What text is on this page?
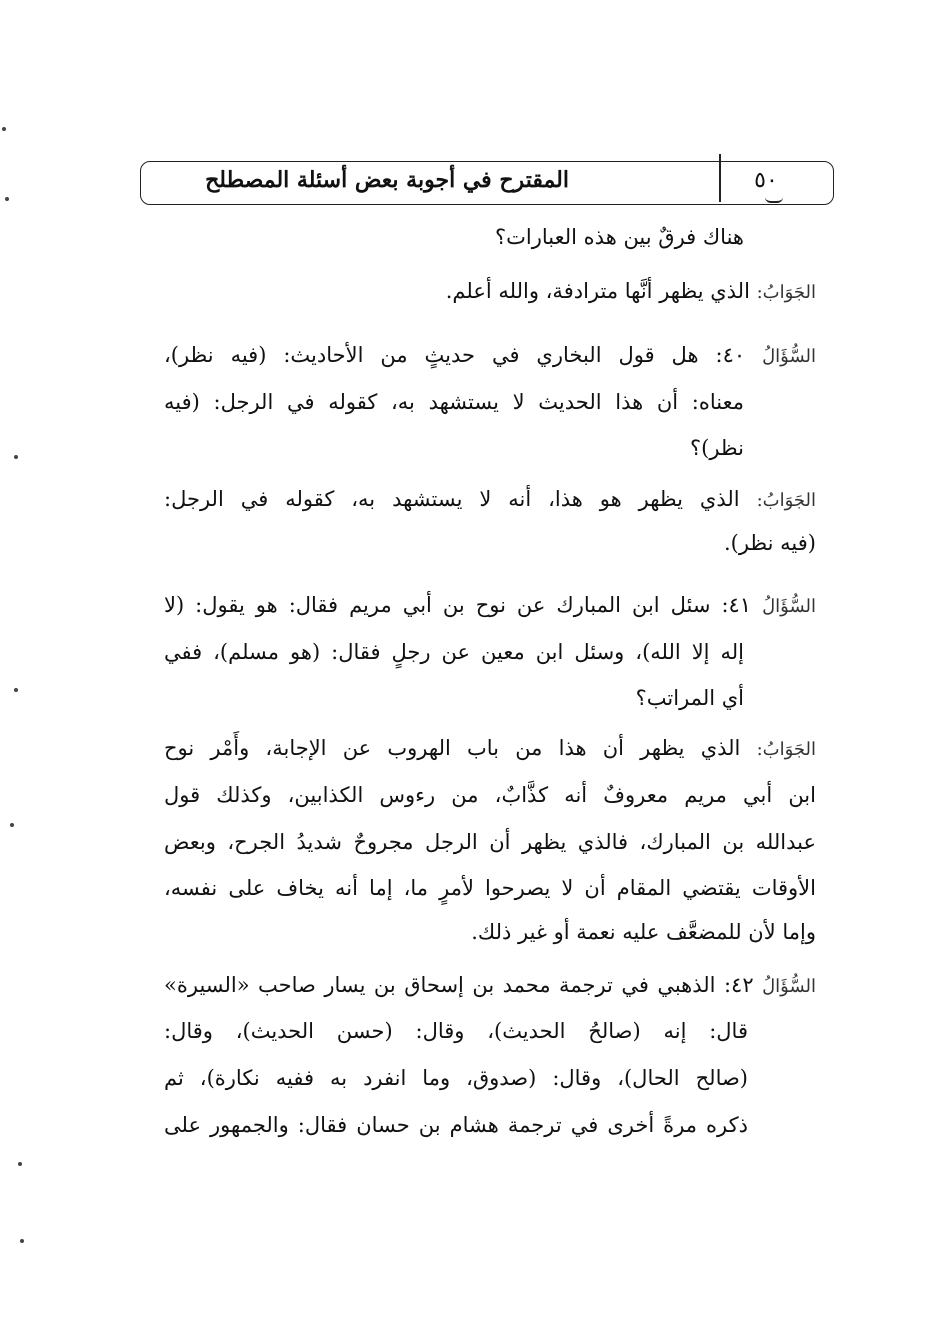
المقترح في أجوبة بعض أسئلة المصطلح	٥٠
هناك فرقٌ بين هذه العبارات؟
الجَوَابُ: الذي يظهر أنَّها مترادفة، والله أعلم.
السُّؤَالُ ٤٠: هل قول البخاري في حديثٍ من الأحاديث: (فيه نظر)،
معناه: أن هذا الحديث لا يستشهد به، كقوله في الرجل: (فيه
نظر)؟
الجَوَابُ: الذي يظهر هو هذا، أنه لا يستشهد به، كقوله في الرجل:
(فيه نظر).
السُّؤَالُ ٤١: سئل ابن المبارك عن نوح بن أبي مريم فقال: هو يقول: (لا
إله إلا الله)، وسئل ابن معين عن رجلٍ فقال: (هو مسلم)، ففي
أي المراتب؟
الجَوَابُ: الذي يظهر أن هذا من باب الهروب عن الإجابة، وأَمْر نوح
ابن أبي مريم معروفٌ أنه كذَّابٌ، من رءوس الكذابين، وكذلك قول
عبدالله بن المبارك، فالذي يظهر أن الرجل مجروحٌ شديدُ الجرح، وبعض
الأوقات يقتضي المقام أن لا يصرحوا لأمرٍ ما، إما أنه يخاف على نفسه،
وإما لأن للمضعَّف عليه نعمة أو غير ذلك.
السُّؤَالُ ٤٢: الذهبي في ترجمة محمد بن إسحاق بن يسار صاحب «السيرة»
قال: إنه (صالحُ الحديث)، وقال: (حسن الحديث)، وقال:
(صالح الحال)، وقال: (صدوق، وما انفرد به ففيه نكارة)، ثم
ذكره مرةً أخرى في ترجمة هشام بن حسان فقال: والجمهور على
